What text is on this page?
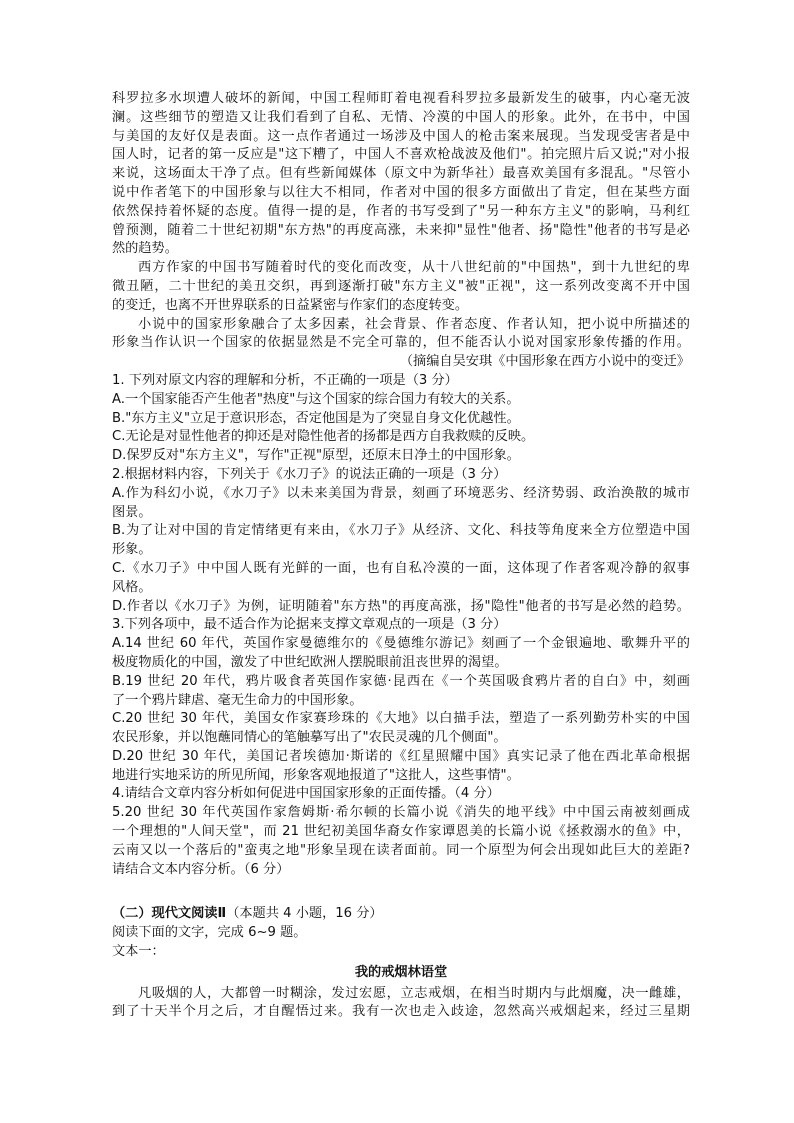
科罗拉多水坝遭人破坏的新闻，中国工程师盯着电视看科罗拉多最新发生的破事，内心毫无波
澜。这些细节的塑造又让我们看到了自私、无情、冷漠的中国人的形象。此外，在书中，中国
与美国的友好仅是表面。这一点作者通过一场涉及中国人的枪击案来展现。当发现受害者是中
国人时，记者的第一反应是"这下糟了，中国人不喜欢枪战波及他们"。拍完照片后又说;"对小报
来说，这场面太干净了点。但有些新闻媒体（原文中为新华社）最喜欢美国有多混乱。"尽管小
说中作者笔下的中国形象与以往大不相同，作者对中国的很多方面做出了肯定，但在某些方面
依然保持着怀疑的态度。值得一提的是，作者的书写受到了"另一种东方主义"的影响，马利红
曾预测，随着二十世纪初期"东方热"的再度高涨，未来抑"显性"他者、扬"隐性"他者的书写是必
然的趋势。
西方作家的中国书写随着时代的变化而改变，从十八世纪前的"中国热"，到十九世纪的卑
微丑陋，二十世纪的美丑交织，再到逐渐打破"东方主义"被"正视"，这一系列改变离不开中国
的变迁，也离不开世界联系的日益紧密与作家们的态度转变。
小说中的国家形象融合了太多因素，社会背景、作者态度、作者认知，把小说中所描述的
形象当作认识一个国家的依据显然是不完全可靠的，但不能否认小说对国家形象传播的作用。
（摘编自吴安琪《中国形象在西方小说中的变迁》
1. 下列对原文内容的理解和分析，不正确的一项是（3 分）
A.一个国家能否产生他者"热度"与这个国家的综合国力有较大的关系。
B."东方主义"立足于意识形态，否定他国是为了突显自身文化优越性。
C.无论是对显性他者的抑还是对隐性他者的扬都是西方自我救赎的反映。
D.保罗反对"东方主义"，写作"正视"原型，还原末日净土的中国形象。
2.根据材料内容，下列关于《水刀子》的说法正确的一项是（3 分）
A.作为科幻小说，《水刀子》以未来美国为背景，刻画了环境恶劣、经济势弱、政治涣散的城市
图景。
B.为了让对中国的肯定情绪更有来由，《水刀子》从经济、文化、科技等角度来全方位塑造中国
形象。
C.《水刀子》中中国人既有光鲜的一面，也有自私冷漠的一面，这体现了作者客观冷静的叙事
风格。
D.作者以《水刀子》为例，证明随着"东方热"的再度高涨，扬"隐性"他者的书写是必然的趋势。
3.下列各项中，最不适合作为论据来支撑文章观点的一项是（3 分）
A.14 世纪 60 年代，英国作家曼德维尔的《曼德维尔游记》刻画了一个金银遍地、歌舞升平的
极度物质化的中国，激发了中世纪欧洲人摆脱眼前沮丧世界的渴望。
B.19 世纪 20 年代，鸦片吸食者英国作家德·昆西在《一个英国吸食鸦片者的自白》中，刻画
了一个鸦片肆虐、毫无生命力的中国形象。
C.20 世纪 30 年代，美国女作家赛珍珠的《大地》以白描手法，塑造了一系列勤劳朴实的中国
农民形象，并以饱蘸同情心的笔触摹写出了"农民灵魂的几个侧面"。
D.20 世纪 30 年代，美国记者埃德加·斯诺的《红星照耀中国》真实记录了他在西北革命根据
地进行实地采访的所见所闻，形象客观地报道了"这批人，这些事情"。
4.请结合文章内容分析如何促进中国国家形象的正面传播。（4 分）
5.20 世纪 30 年代英国作家詹姆斯·希尔顿的长篇小说《消失的地平线》中中国云南被刻画成
一个理想的"人间天堂"，而 21 世纪初美国华裔女作家谭恩美的长篇小说《拯救溺水的鱼》中，
云南又以一个落后的"蛮夷之地"形象呈现在读者面前。同一个原型为何会出现如此巨大的差距?
请结合文本内容分析。（6 分）
（二）现代文阅读Ⅱ（本题共 4 小题，16 分）
阅读下面的文字，完成 6~9 题。
文本一：
我的戒烟林语堂
凡吸烟的人，大都曾一时糊涂，发过宏愿，立志戒烟，在相当时期内与此烟魔，决一雌雄，
到了十天半个月之后，才自醒悟过来。我有一次也走入歧途，忽然高兴戒烟起来，经过三星期
